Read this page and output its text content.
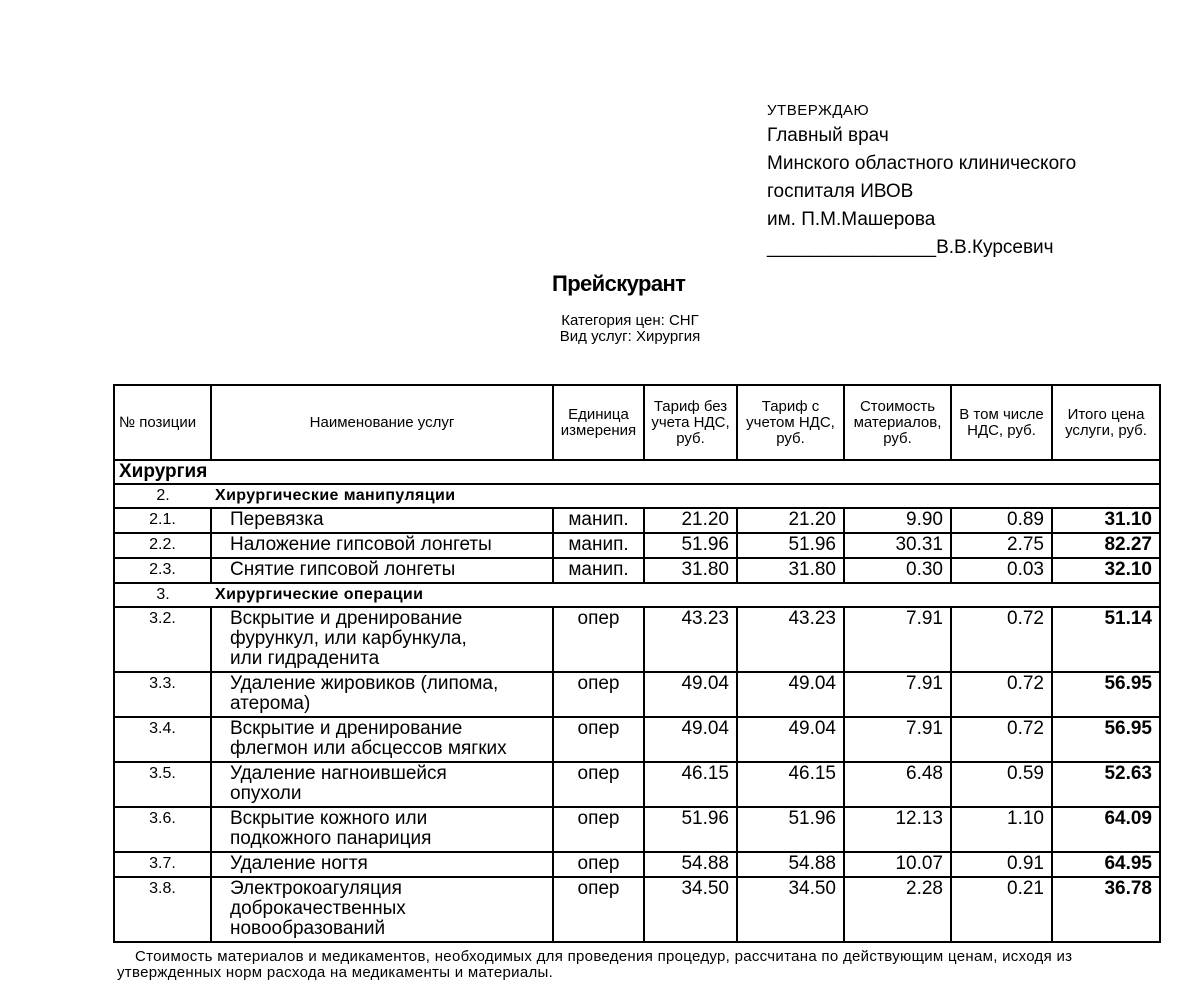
УТВЕРЖДАЮ
Главный врач
Минского областного клинического
госпиталя ИВОВ
им. П.М.Машерова
________________В.В.Курсевич
Прейскурант
Категория цен: СНГ
Вид услуг: Хирургия
№ позиции	Наименование услуг	Единица измерения	Тариф без учета НДС, руб.	Тариф с учетом НДС, руб.	Стоимость материалов, руб.	В том числе НДС, руб.	Итого цена услуги, руб.
Хирургия							
2.	Хирургические манипуляции						
2.1.	Перевязка	манип.	21.20	21.20	9.90	0.89	31.10
2.2.	Наложение гипсовой лонгеты	манип.	51.96	51.96	30.31	2.75	82.27
2.3.	Снятие гипсовой лонгеты	манип.	31.80	31.80	0.30	0.03	32.10
3.	Хирургические операции						
3.2.	Вскрытие и дренирование
фурункул, или карбункула,
или гидраденита	опер	43.23	43.23	7.91	0.72	51.14
3.3.	Удаление жировиков (липома,
атерома)	опер	49.04	49.04	7.91	0.72	56.95
3.4.	Вскрытие и дренирование
флегмон или абсцессов мягких	опер	49.04	49.04	7.91	0.72	56.95
3.5.	Удаление нагноившейся
опухоли	опер	46.15	46.15	6.48	0.59	52.63
3.6.	Вскрытие кожного или
подкожного панариция	опер	51.96	51.96	12.13	1.10	64.09
3.7.	Удаление ногтя	опер	54.88	54.88	10.07	0.91	64.95
3.8.	Электрокоагуляция
доброкачественных
новообразований	опер	34.50	34.50	2.28	0.21	36.78
Стоимость материалов и медикаментов, необходимых для проведения процедур, рассчитана по действующим ценам, исходя из утвержденных норм расхода на медикаменты и материалы.
